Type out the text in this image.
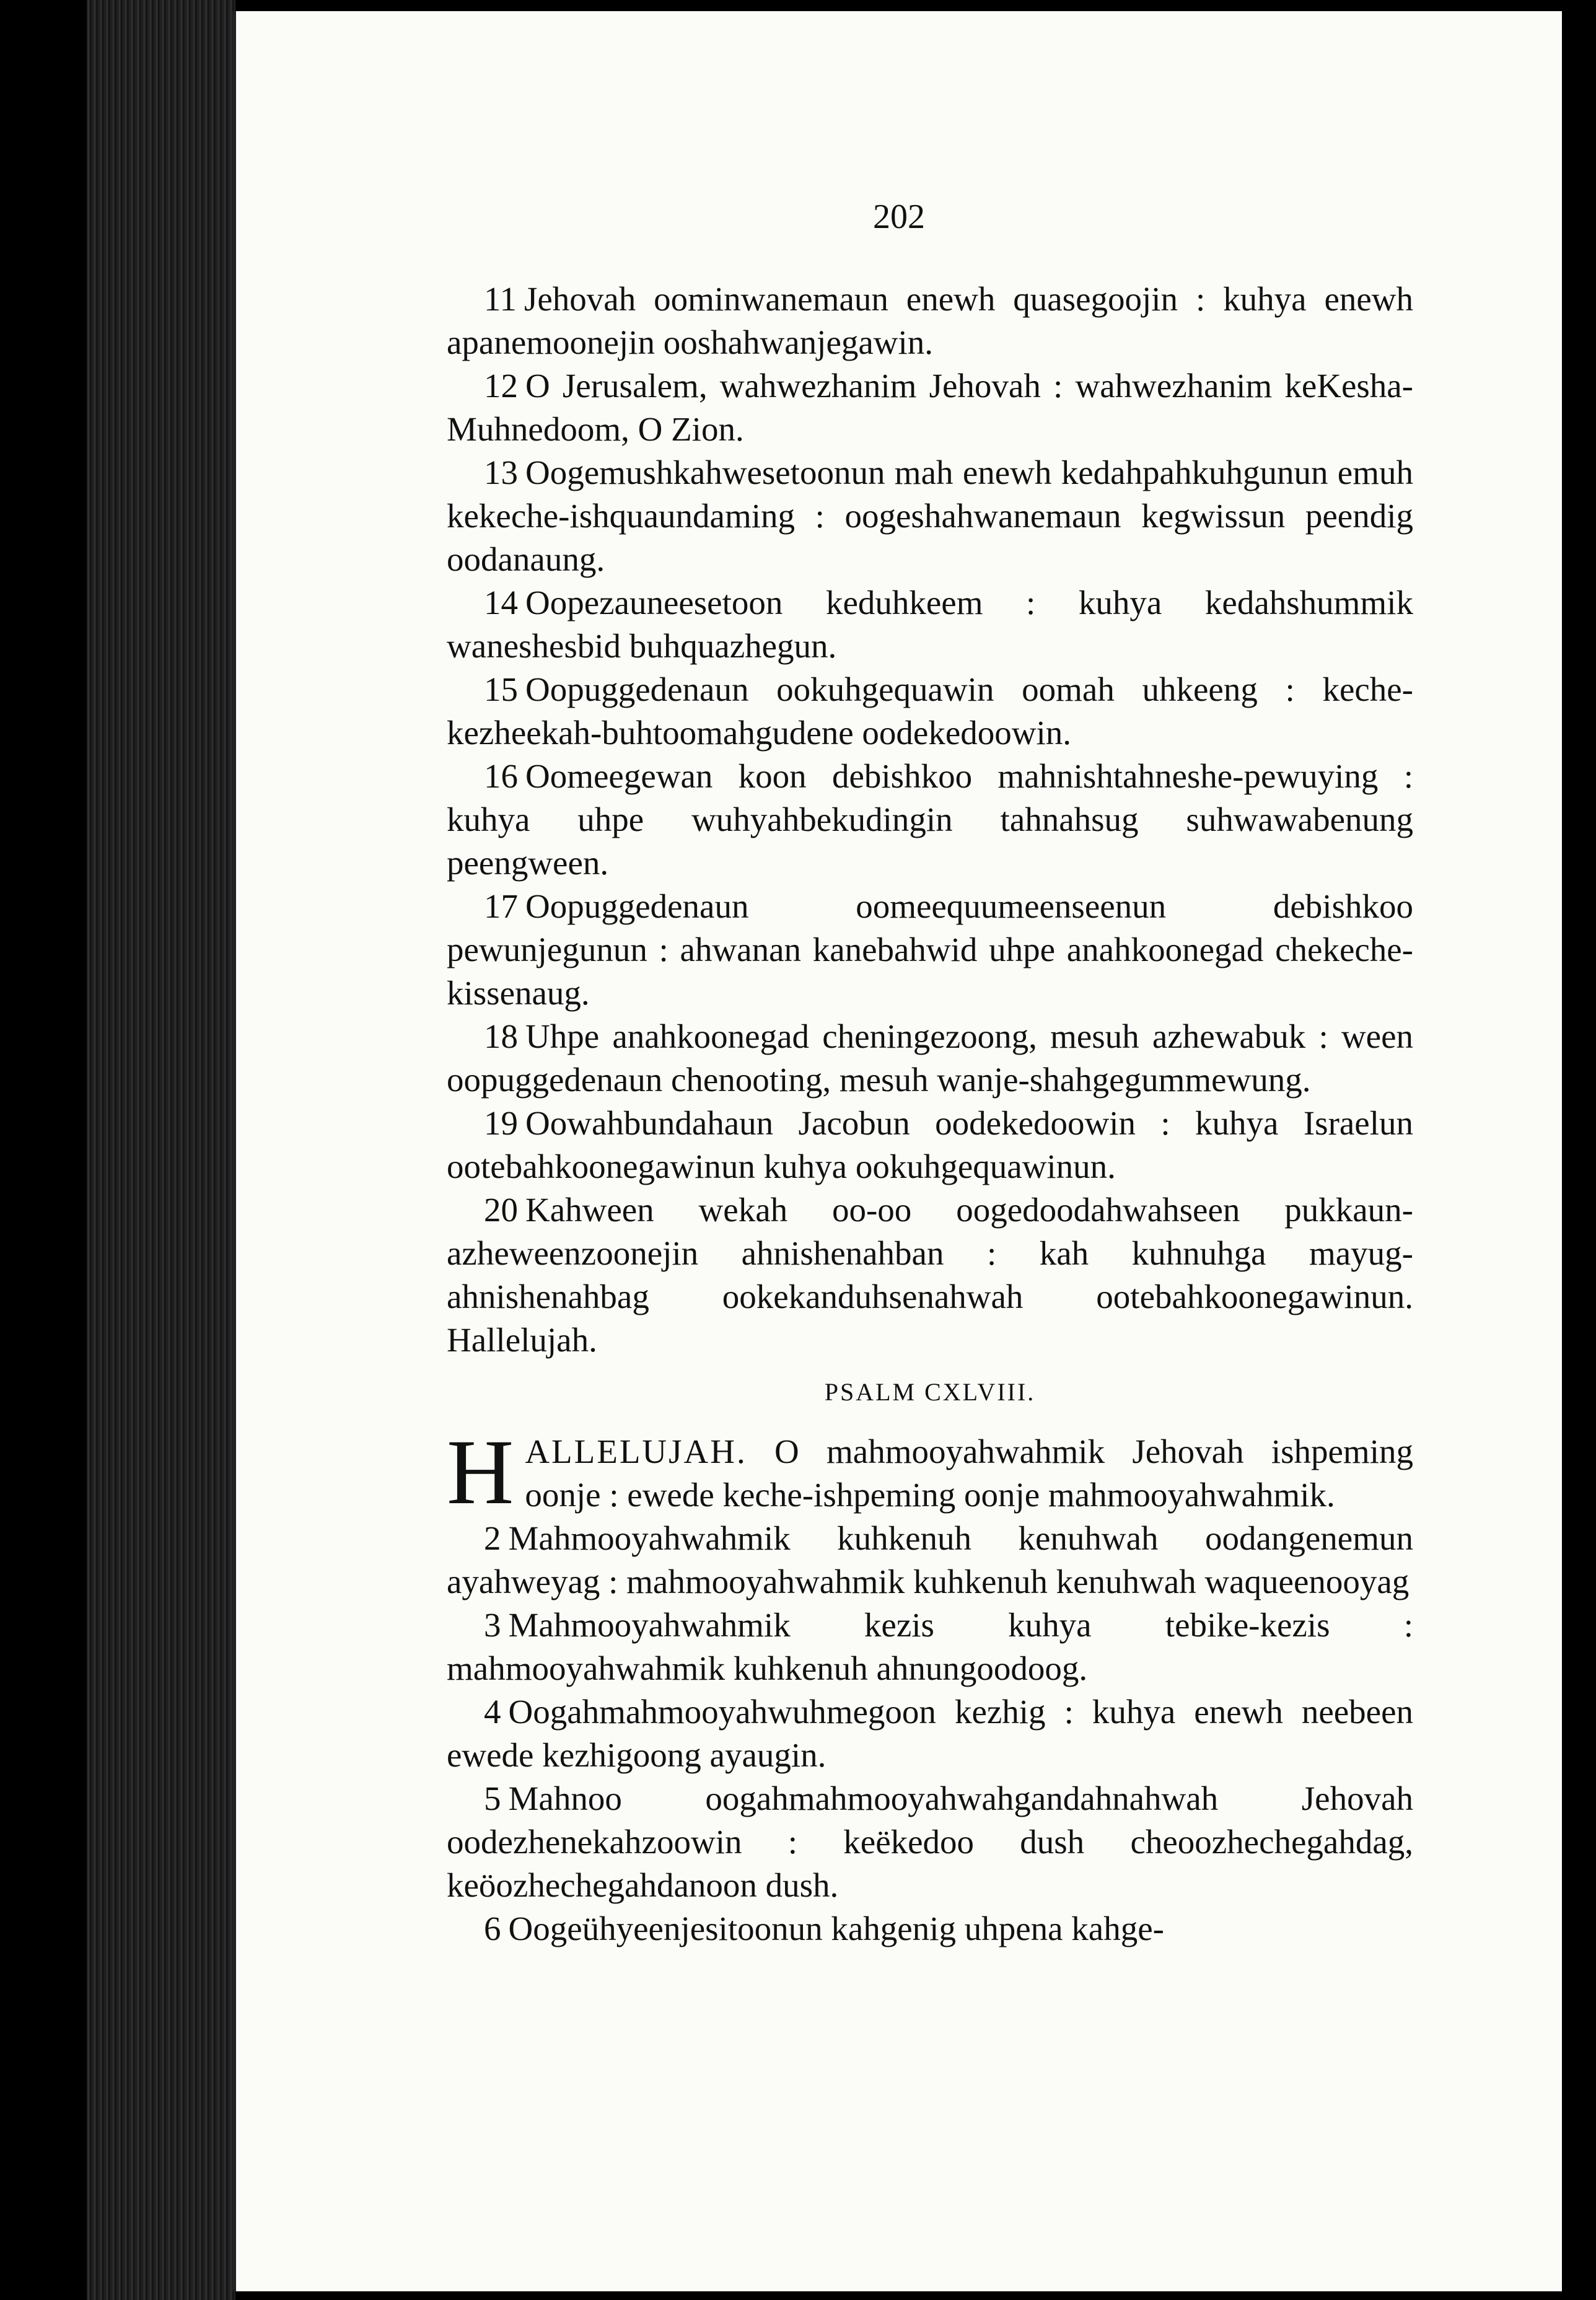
202

11 Jehovah oominwanemaun enewh quasegoojin : kuhya enewh apanemoonejin ooshahwanjegawin.

12 O Jerusalem, wahwezhanim Jehovah : wahwezhanim keKesha-Muhnedoom, O Zion.

13 Oogemushkahwesetoonun mah enewh kedahpahkuhgunun emuh kekeche-ishquaundaming : oogeshahwanemaun kegwissun peendig oodanaung.

14 Oopezauneesetoon keduhkeem : kuhya kedahshummik waneshesbid buhquazhegun.

15 Oopuggedenaun ookuhgequawin oomah uhkeeng : keche-kezheekah-buhtoomahgudene oodekedoowin.

16 Oomeegewan koon debishkoo mahnishtahneshe-pewuying : kuhya uhpe wuhyahbekudingin tahnahsug suhwawabenung peengween.

17 Oopuggedenaun oomeequumeenseenun debishkoo pewunjegunun : ahwanan kanebahwid uhpe anahkoonegad chekeche-kissenaug.

18 Uhpe anahkoonegad cheningezoong, mesuh azhewabuk : ween oopuggedenaun chenooting, mesuh wanje-shahgegummewung.

19 Oowahbundahaun Jacobun oodekedoowin : kuhya Israelun ootebahkoonegawinun kuhya ookuhgequawinun.

20 Kahween wekah oo-oo oogedoodahwahseen pukkaun-azheweenzoonejin ahnishenahban : kah kuhnuhga mayug-ahnishenahbag ookekanduhsenahwah ootebahkoonegawinun. Hallelujah.

PSALM CXLVIII.

HALLELUJAH. O mahmooyahwahmik Jehovah ishpeming oonje : ewede keche-ishpeming oonje mahmooyahwahmik.

2 Mahmooyahwahmik kuhkenuh kenuhwah oodangenemun ayahweyag : mahmooyahwahmik kuhkenuh kenuhwah waqueenooyag

3 Mahmooyahwahmik kezis kuhya tebike-kezis : mahmooyahwahmik kuhkenuh ahnungoodoog.

4 Oogahmahmooyahwuhmegoon kezhig : kuhya enewh neebeen ewede kezhigoong ayaugin.

5 Mahnoo oogahmahmooyahwahgandahnahwah Jehovah oodezhenekahzoowin : keëkedoo dush cheoozhechegahdag, keöozhechegahdanoon dush.

6 Oogeühyeenjesitoonun kahgenig uhpena kahge-
